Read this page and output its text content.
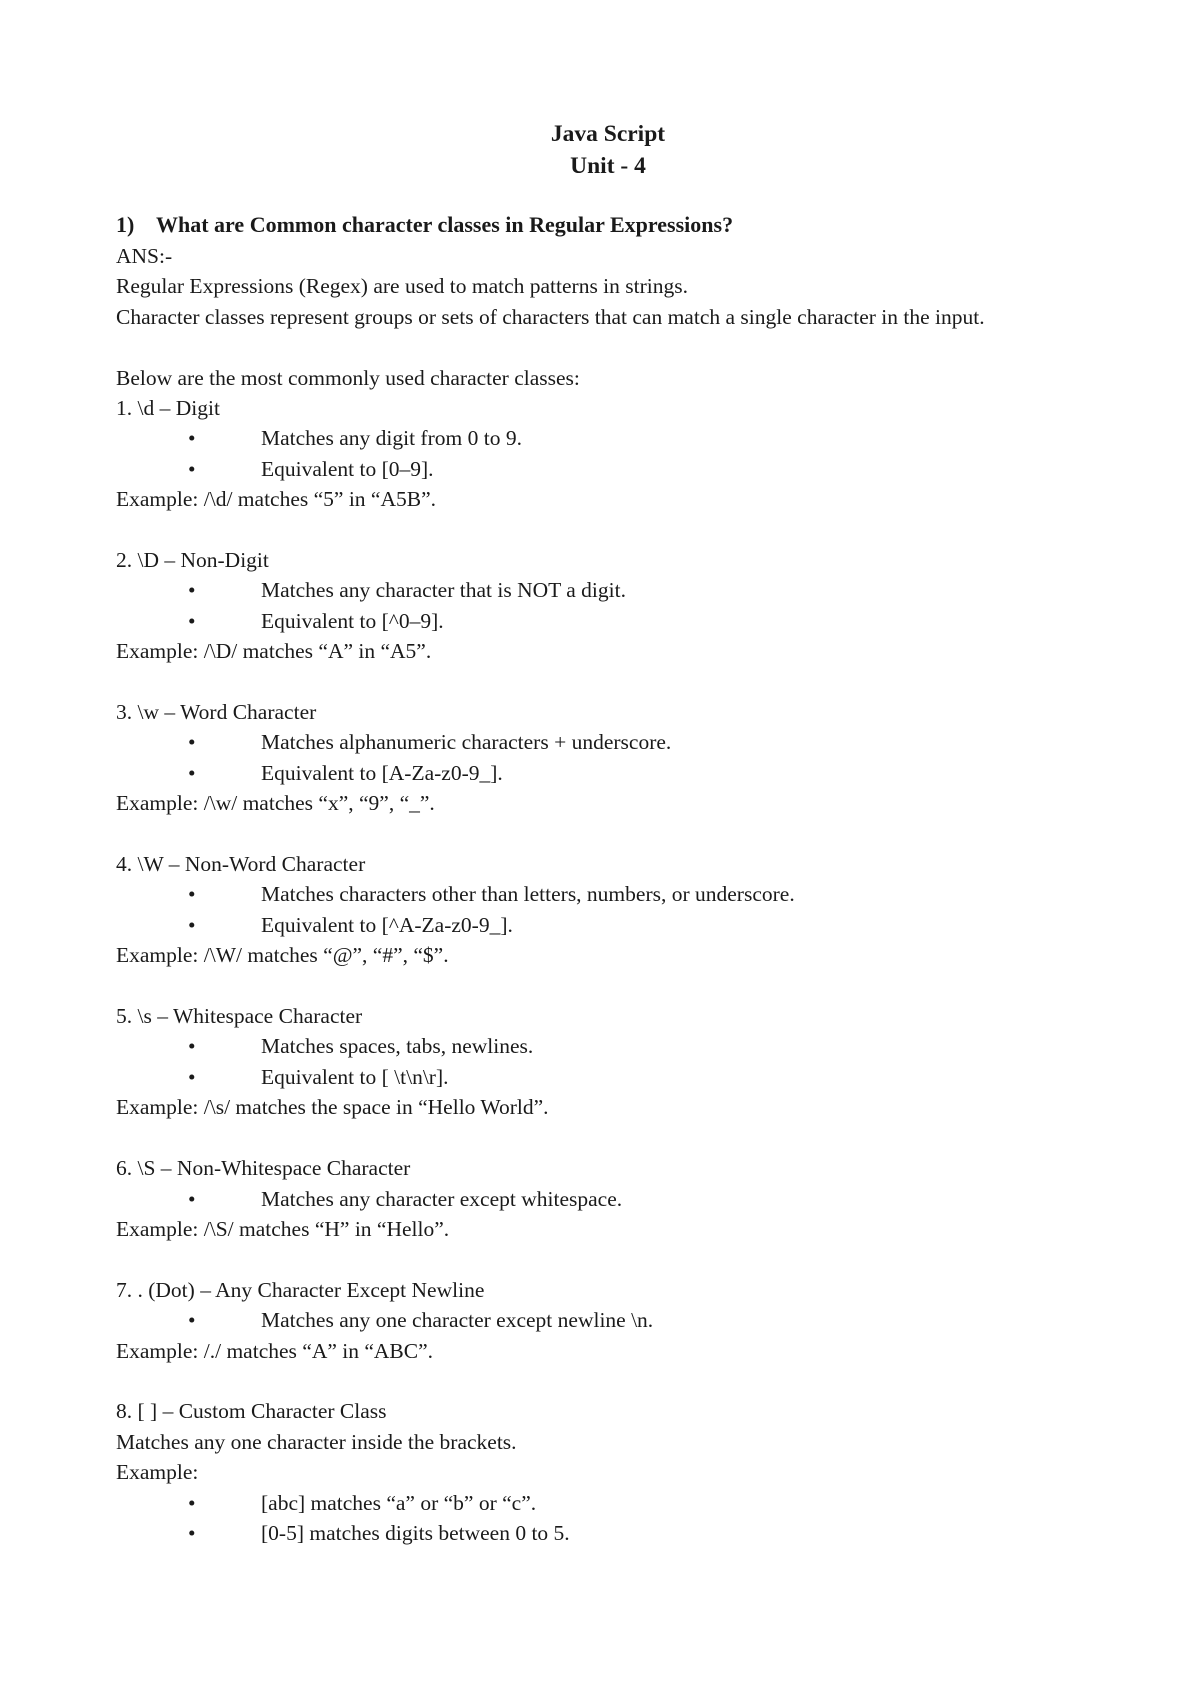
Java Script

Unit - 4

1) What are Common character classes in Regular Expressions?

ANS:-

Regular Expressions (Regex) are used to match patterns in strings.

Character classes represent groups or sets of characters that can match a single character in the input.

Below are the most commonly used character classes:

1. \d – Digit

•	Matches any digit from 0 to 9.
•	Equivalent to [0–9].

Example: /\d/ matches “5” in “A5B”.

2. \D – Non-Digit

•	Matches any character that is NOT a digit.
•	Equivalent to [^0–9].

Example: /\D/ matches “A” in “A5”.

3. \w – Word Character

•	Matches alphanumeric characters + underscore.
•	Equivalent to [A-Za-z0-9_].

Example: /\w/ matches “x”, “9”, “_”.

4. \W – Non-Word Character

•	Matches characters other than letters, numbers, or underscore.
•	Equivalent to [^A-Za-z0-9_].

Example: /\W/ matches “@”, “#”, “$”.

5. \s – Whitespace Character

•	Matches spaces, tabs, newlines.
•	Equivalent to [ \t\n\r].

Example: /\s/ matches the space in “Hello World”.

6. \S – Non-Whitespace Character

•	Matches any character except whitespace.

Example: /\S/ matches “H” in “Hello”.

7. . (Dot) – Any Character Except Newline

•	Matches any one character except newline \n.

Example: /./ matches “A” in “ABC”.

8. [ ] – Custom Character Class

Matches any one character inside the brackets.

Example:

•	[abc] matches “a” or “b” or “c”.
•	[0-5] matches digits between 0 to 5.
